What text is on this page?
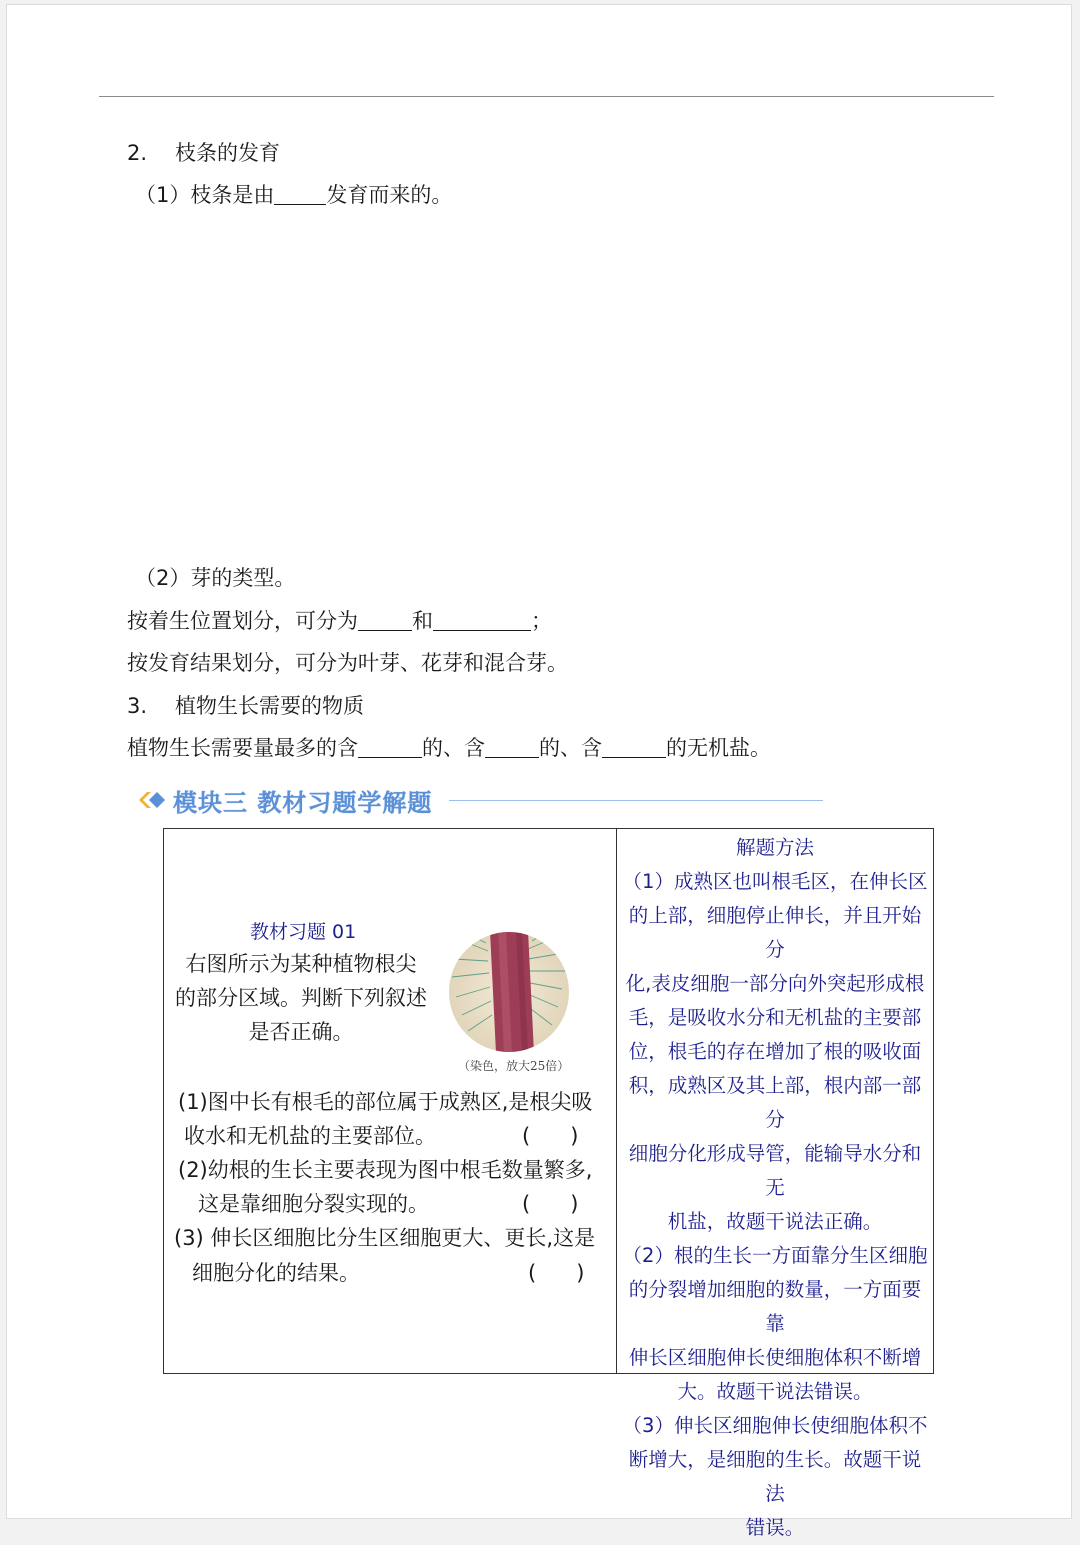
2. 枝条的发育
（1）枝条是由 发育而来的。
（2）芽的类型。
按着生位置划分，可分为	和	；
按发育结果划分，可分为叶芽、花芽和混合芽。
3. 植物生长需要的物质
植物生长需要量最多的含	的、含	的、含	的无机盐。
模块三 教材习题学解题
教材习题 01
右图所示为某种植物根尖
的部分区域。判断下列叙述
是否正确。
（染色，放大25倍）
(1)图中长有根毛的部位属于成熟区,是根尖吸
收水和无机盐的主要部位。	(      )
(2)幼根的生长主要表现为图中根毛数量繁多,
这是靠细胞分裂实现的。	(      )
(3) 伸长区细胞比分生区细胞更大、更长,这是
细胞分化的结果。	(      )

解题方法

（1）成熟区也叫根毛区，在伸长区

的上部，细胞停止伸长，并且开始分

化,表皮细胞一部分向外突起形成根

毛，是吸收水分和无机盐的主要部

位，根毛的存在增加了根的吸收面

积，成熟区及其上部，根内部一部分

细胞分化形成导管，能输导水分和无

机盐，故题干说法正确。

（2）根的生长一方面靠分生区细胞

的分裂增加细胞的数量，一方面要靠

伸长区细胞伸长使细胞体积不断增

大。故题干说法错误。

（3）伸长区细胞伸长使细胞体积不

断增大，是细胞的生长。故题干说法

错误。
